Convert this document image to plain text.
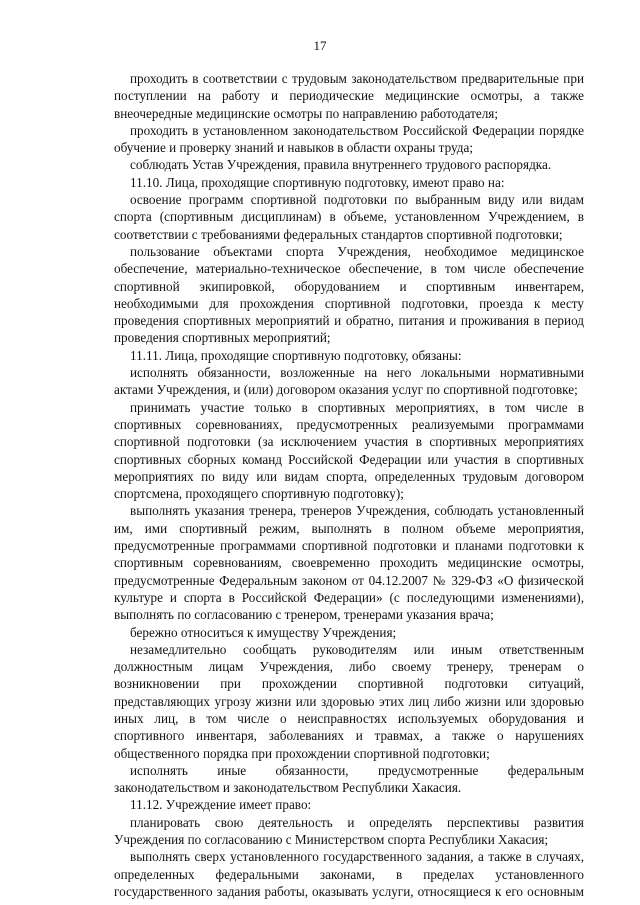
17

проходить в соответствии с трудовым законодательством предварительные при поступлении на работу и периодические медицинские осмотры, а также внеочередные медицинские осмотры по направлению работодателя;

проходить в установленном законодательством Российской Федерации порядке обучение и проверку знаний и навыков в области охраны труда;

соблюдать Устав Учреждения, правила внутреннего трудового распорядка.

11.10. Лица, проходящие спортивную подготовку, имеют право на:

освоение программ спортивной подготовки по выбранным виду или видам спорта (спортивным дисциплинам) в объеме, установленном Учреждением, в соответствии с требованиями федеральных стандартов спортивной подготовки;

пользование объектами спорта Учреждения, необходимое медицинское обеспечение, материально-техническое обеспечение, в том числе обеспечение спортивной экипировкой, оборудованием и спортивным инвентарем, необходимыми для прохождения спортивной подготовки, проезда к месту проведения спортивных мероприятий и обратно, питания и проживания в период проведения спортивных мероприятий;

11.11. Лица, проходящие спортивную подготовку, обязаны:

исполнять обязанности, возложенные на него локальными нормативными актами Учреждения, и (или) договором оказания услуг по спортивной подготовке;

принимать участие только в спортивных мероприятиях, в том числе в спортивных соревнованиях, предусмотренных реализуемыми программами спортивной подготовки (за исключением участия в спортивных мероприятиях спортивных сборных команд Российской Федерации или участия в спортивных мероприятиях по виду или видам спорта, определенных трудовым договором спортсмена, проходящего спортивную подготовку);

выполнять указания тренера, тренеров Учреждения, соблюдать установленный им, ими спортивный режим, выполнять в полном объеме мероприятия, предусмотренные программами спортивной подготовки и планами подготовки к спортивным соревнованиям, своевременно проходить медицинские осмотры, предусмотренные Федеральным законом от 04.12.2007 № 329-ФЗ «О физической культуре и спорта в Российской Федерации» (с последующими изменениями), выполнять по согласованию с тренером, тренерами указания врача;

бережно относиться к имуществу Учреждения;

незамедлительно сообщать руководителям или иным ответственным должностным лицам Учреждения, либо своему тренеру, тренерам о возникновении при прохождении спортивной подготовки ситуаций, представляющих угрозу жизни или здоровью этих лиц либо жизни или здоровью иных лиц, в том числе о неисправностях используемых оборудования и спортивного инвентаря, заболеваниях и травмах, а также о нарушениях общественного порядка при прохождении спортивной подготовки;

исполнять иные обязанности, предусмотренные федеральным законодательством и законодательством Республики Хакасия.

11.12. Учреждение имеет право:

планировать свою деятельность и определять перспективы развития Учреждения по согласованию с Министерством спорта Республики Хакасия;

выполнять сверх установленного государственного задания, а также в случаях, определенных федеральными законами, в пределах установленного государственного задания работы, оказывать услуги, относящиеся к его основным
